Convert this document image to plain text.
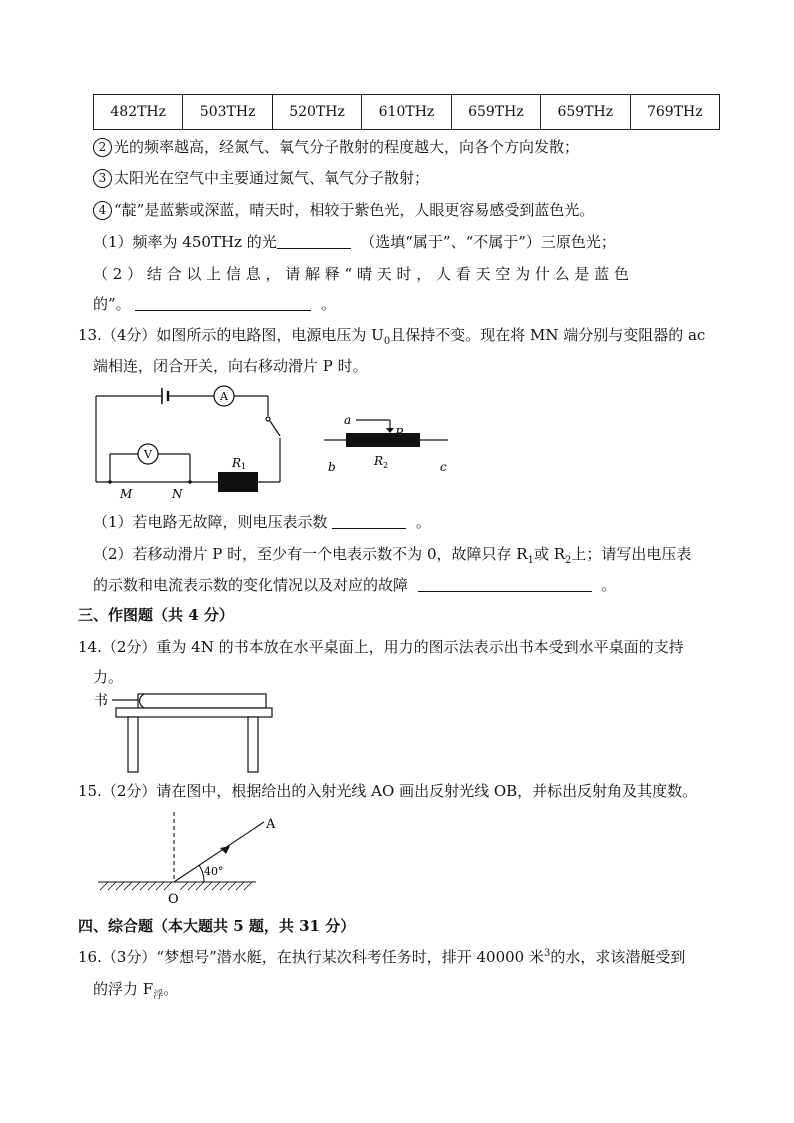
482THz	503THz	520THz	610THz	659THz	659THz	769THz
2 光的频率越高，经氮气、氧气分子散射的程度越大，向各个方向发散；
3 太阳光在空气中主要通过氮气、氧气分子散射；
4 “靛”是蓝紫或深蓝，晴天时，相较于紫色光，人眼更容易感受到蓝色光。
（1）频率为 450THz 的光	（选填“属于”、“不属于”）三原色光；
（ 2 ） 结 合 以 上 信 息 ， 请 解 释 “ 晴 天 时 ， 人 看 天 空 为 什 么 是 蓝 色
的”。	。
13.（4分）如图所示的电路图，电源电压为 $U_0$且保持不变。现在将 MN 端分别与变阻器的 ac
端相连，闭合开关，向右移动滑片 P 时。
A
V
R 1
M	N
a
P
b	R 2	c
（1）若电路无故障，则电压表示数	。
（2）若移动滑片 P 时，至少有一个电表示数不为 0，故障只存 $R_1$或 $R_2$上；请写出电压表
的示数和电流表示数的变化情况以及对应的故障	。
三、作图题（共 4 分）
14.（2分）重为 4N 的书本放在水平桌面上，用力的图示法表示出书本受到水平桌面的支持
力。
书
15.（2分）请在图中，根据给出的入射光线 AO 画出反射光线 OB，并标出反射角及其度数。
A
O
40°
四、综合题（本大题共 5 题，共 31 分）
16.（3分）“梦想号”潜水艇，在执行某次科考任务时，排开 40000 米$^3$的水，求该潜艇受到
的浮力 $F_浮$。
